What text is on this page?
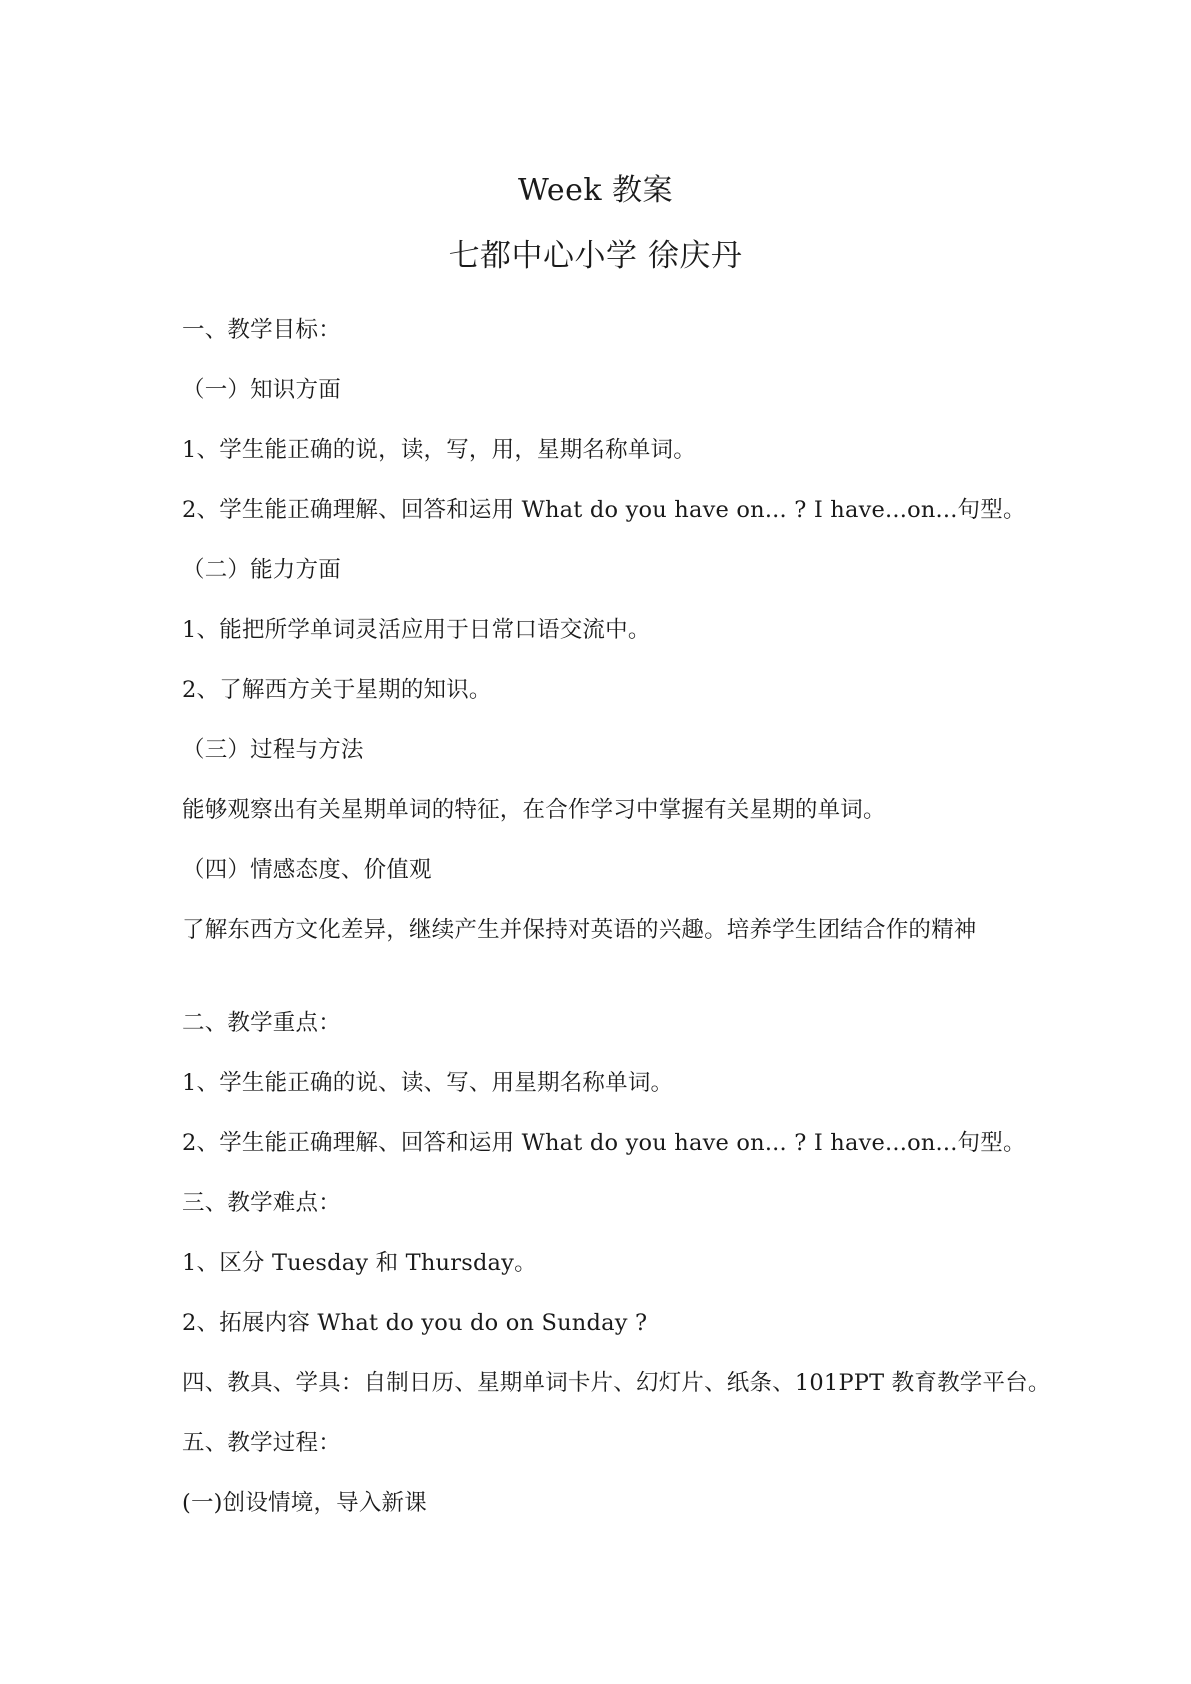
Week 教案
七都中心小学 徐庆丹
一、教学目标：
（一）知识方面
1、学生能正确的说，读，写，用，星期名称单词。
2、学生能正确理解、回答和运用 What do you have on... ? I have...on...句型。
（二）能力方面
1、能把所学单词灵活应用于日常口语交流中。
2、了解西方关于星期的知识。
（三）过程与方法
能够观察出有关星期单词的特征，在合作学习中掌握有关星期的单词。
（四）情感态度、价值观
了解东西方文化差异，继续产生并保持对英语的兴趣。培养学生团结合作的精神
二、教学重点：
1、学生能正确的说、读、写、用星期名称单词。
2、学生能正确理解、回答和运用 What do you have on... ? I have...on...句型。
三、教学难点：
1、区分 Tuesday 和 Thursday。
2、拓展内容 What do you do on Sunday ?
四、教具、学具：自制日历、星期单词卡片、幻灯片、纸条、101PPT 教育教学平台。
五、教学过程：
(一)创设情境，导入新课
